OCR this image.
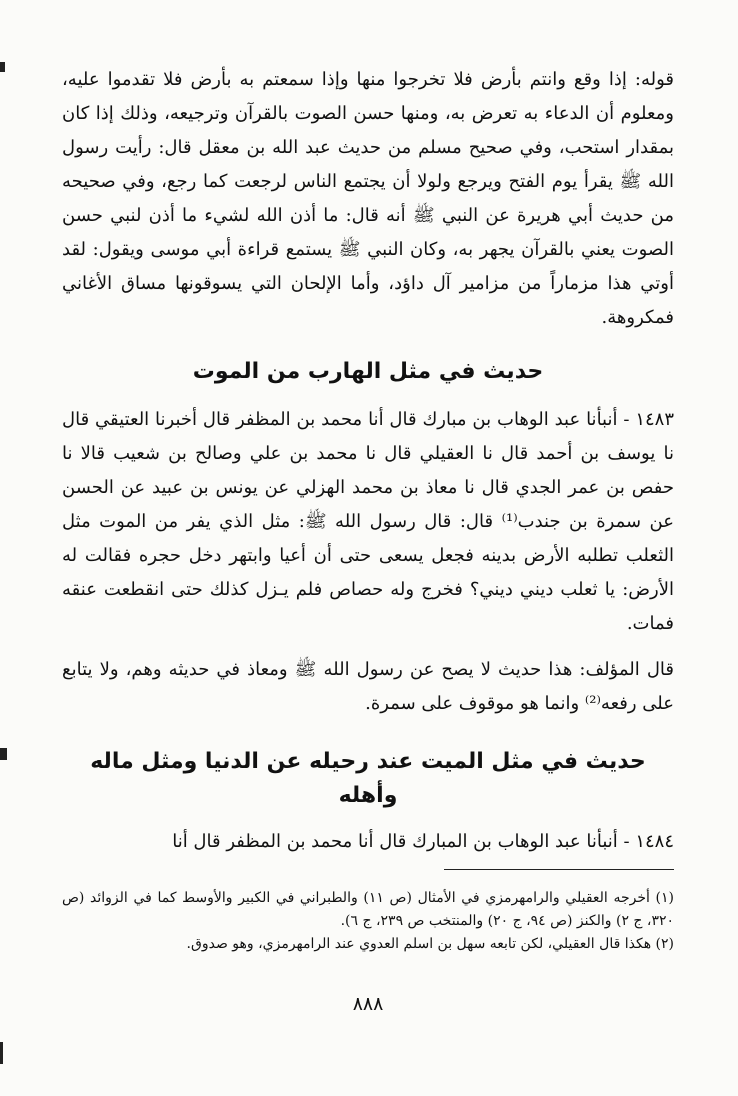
قوله: إذا وقع وانتم بأرض فلا تخرجوا منها وإذا سمعتم به بأرض فلا تقدموا عليه، ومعلوم أن الدعاء به تعرض به، ومنها حسن الصوت بالقرآن وترجيعه، وذلك إذا كان بمقدار استحب، وفي صحيح مسلم من حديث عبد الله بن معقل قال: رأيت رسول الله ﷺ يقرأ يوم الفتح ويرجع ولولا أن يجتمع الناس لرجعت كما رجع، وفي صحيحه من حديث أبي هريرة عن النبي ﷺ أنه قال: ما أذن الله لشيء ما أذن لنبي حسن الصوت يعني بالقرآن يجهر به، وكان النبي ﷺ يستمع قراءة أبي موسى ويقول: لقد أوتي هذا مزماراً من مزامير آل داؤد، وأما الإلحان التي يسوقونها مساق الأغاني فمكروهة.

حديث في مثل الهارب من الموت

١٤٨٣ - أنبأنا عبد الوهاب بن مبارك قال أنا محمد بن المظفر قال أخبرنا العتيقي قال نا يوسف بن أحمد قال نا العقيلي قال نا محمد بن علي وصالح بن شعيب قالا نا حفص بن عمر الجدي قال نا معاذ بن محمد الهزلي عن يونس بن عبيد عن الحسن عن سمرة بن جندب⁽¹⁾ قال: قال رسول الله ﷺ: مثل الذي يفر من الموت مثل الثعلب تطلبه الأرض بدينه فجعل يسعى حتى أن أعيا وابتهر دخل حجره فقالت له الأرض: يا ثعلب ديني ديني؟ فخرج وله حصاص فلم يـزل كذلك حتى انقطعت عنقه فمات.

قال المؤلف: هذا حديث لا يصح عن رسول الله ﷺ ومعاذ في حديثه وهم، ولا يتابع على رفعه⁽²⁾ وانما هو موقوف على سمرة.

حديث في مثل الميت عند رحيله عن الدنيا ومثل ماله وأهله

١٤٨٤ - أنبأنا عبد الوهاب بن المبارك قال أنا محمد بن المظفر قال أنا

(١) أخرجه العقيلي والرامهرمزي في الأمثال (ص ١١) والطبراني في الكبير والأوسط كما في الزوائد (ص ٣٢٠، ج ٢) والكنز (ص ٩٤، ج ٢٠) والمنتخب ص ٢٣٩، ج ٦).
(٢) هكذا قال العقيلي، لكن تابعه سهل بن اسلم العدوي عند الرامهرمزي، وهو صدوق.
٨٨٨
